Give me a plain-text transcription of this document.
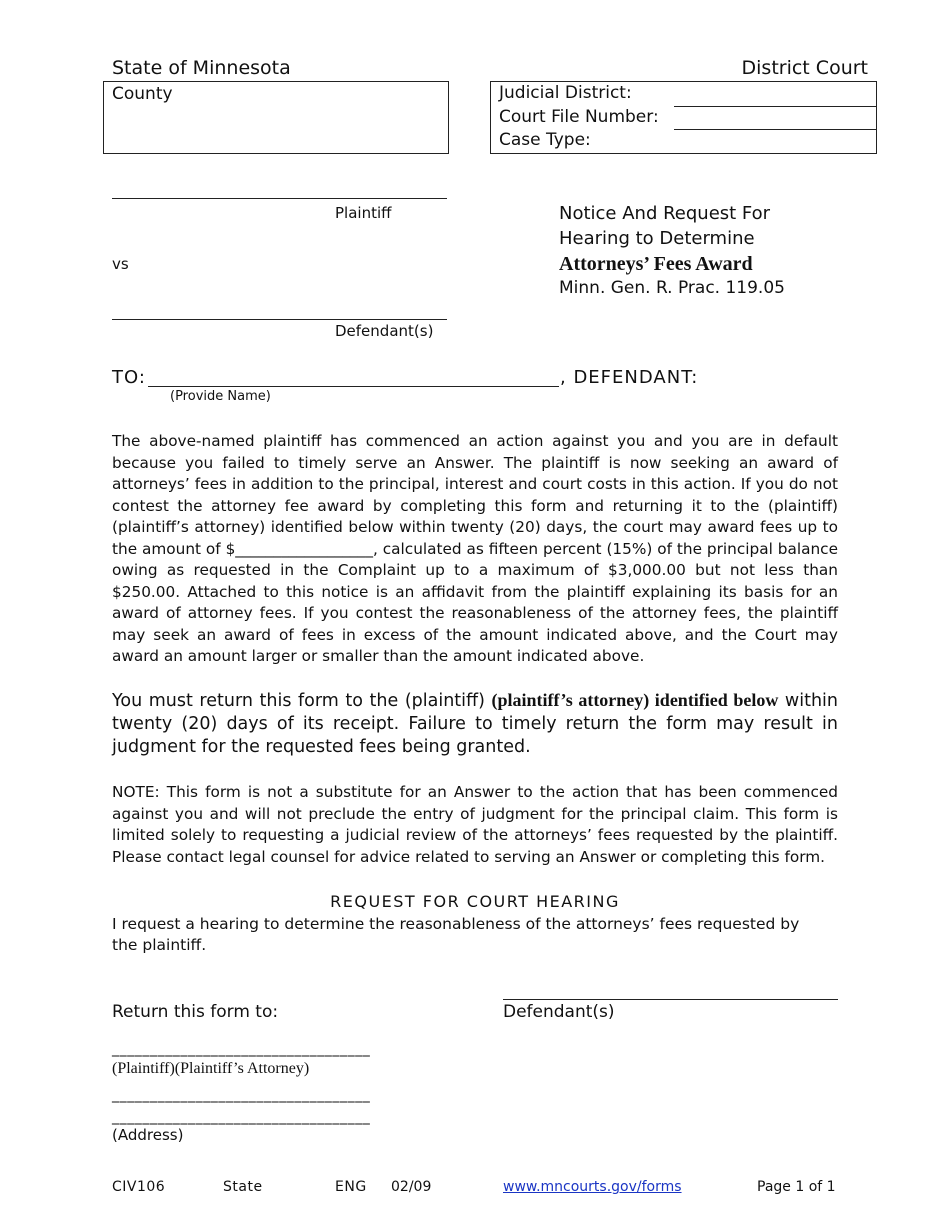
State of Minnesota	District Court
County	Judicial District:
Court File Number:
Case Type:
Plaintiff
vs
Defendant(s)
Notice And Request For
Hearing to Determine
Attorneys’ Fees Award
Minn. Gen. R. Prac. 119.05
TO:	, DEFENDANT:
(Provide Name)

The above-named plaintiff has commenced an action against you and you are in default because you failed to timely serve an Answer. The plaintiff is now seeking an award of attorneys’ fees in addition to the principal, interest and court costs in this action. If you do not contest the attorney fee award by completing this form and returning it to the (plaintiff) (plaintiff’s attorney) identified below within twenty (20) days, the court may award fees up to the amount of $__________________, calculated as fifteen percent (15%) of the principal balance owing as requested in the Complaint up to a maximum of $3,000.00 but not less than $250.00. Attached to this notice is an affidavit from the plaintiff explaining its basis for an award of attorney fees. If you contest the reasonableness of the attorney fees, the plaintiff may seek an award of fees in excess of the amount indicated above, and the Court may award an amount larger or smaller than the amount indicated above.

You must return this form to the (plaintiff) (plaintiff’s attorney) identified below within twenty (20) days of its receipt. Failure to timely return the form may result in judgment for the requested fees being granted.

NOTE: This form is not a substitute for an Answer to the action that has been commenced against you and will not preclude the entry of judgment for the principal claim. This form is limited solely to requesting a judicial review of the attorneys’ fees requested by the plaintiff. Please contact legal counsel for advice related to serving an Answer or completing this form.

REQUEST FOR COURT HEARING

I request a hearing to determine the reasonableness of the attorneys’ fees requested by the plaintiff.

Return this form to:	Defendant(s)
__________________________________
(Plaintiff)(Plaintiff’s Attorney)
__________________________________
__________________________________
(Address)
CIV106	State	ENG 02/09	www.mncourts.gov/forms	Page 1 of 1
